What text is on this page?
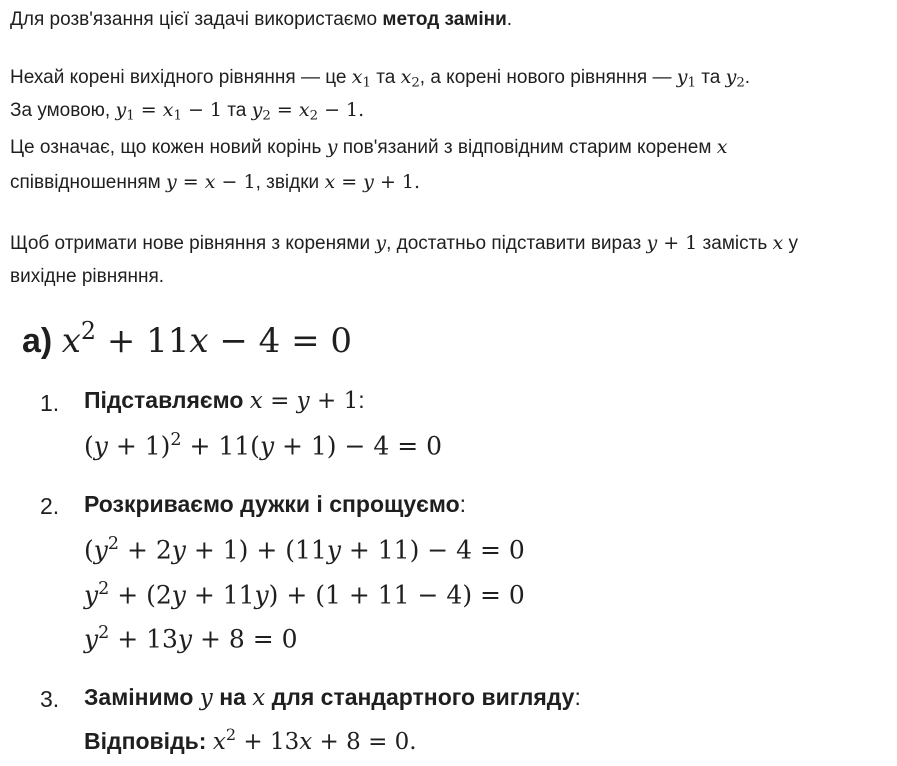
Для розв'язання цієї задачі використаємо метод заміни.

Нехай корені вихідного рівняння — це $x_1$ та $x_2$, а корені нового рівняння — $y_1$ та $y_2$.

За умовою, $y_1 = x_1 - 1$ та $y_2 = x_2 - 1$.

Це означає, що кожен новий корінь y пов'язаний з відповідним старим коренем x

співвідношенням y = x − 1, звідки x = y + 1.

Щоб отримати нове рівняння з коренями y, достатньо підставити вираз y + 1 замість x у

вихідне рівняння.

а) $x^2 + 11x - 4 = 0$
1. Підставляємо x = y + 1:
$(y + 1)^2 + 11(y + 1) - 4 = 0$
2. Розкриваємо дужки і спрощуємо:
$(y^2 + 2y + 1) + (11y + 11) - 4 = 0$
$y^2 + (2y + 11y) + (1 + 11 - 4) = 0$
$y^2 + 13y + 8 = 0$
3. Замінимо y на x для стандартного вигляду:
Відповідь: $x^2 + 13x + 8 = 0$.
